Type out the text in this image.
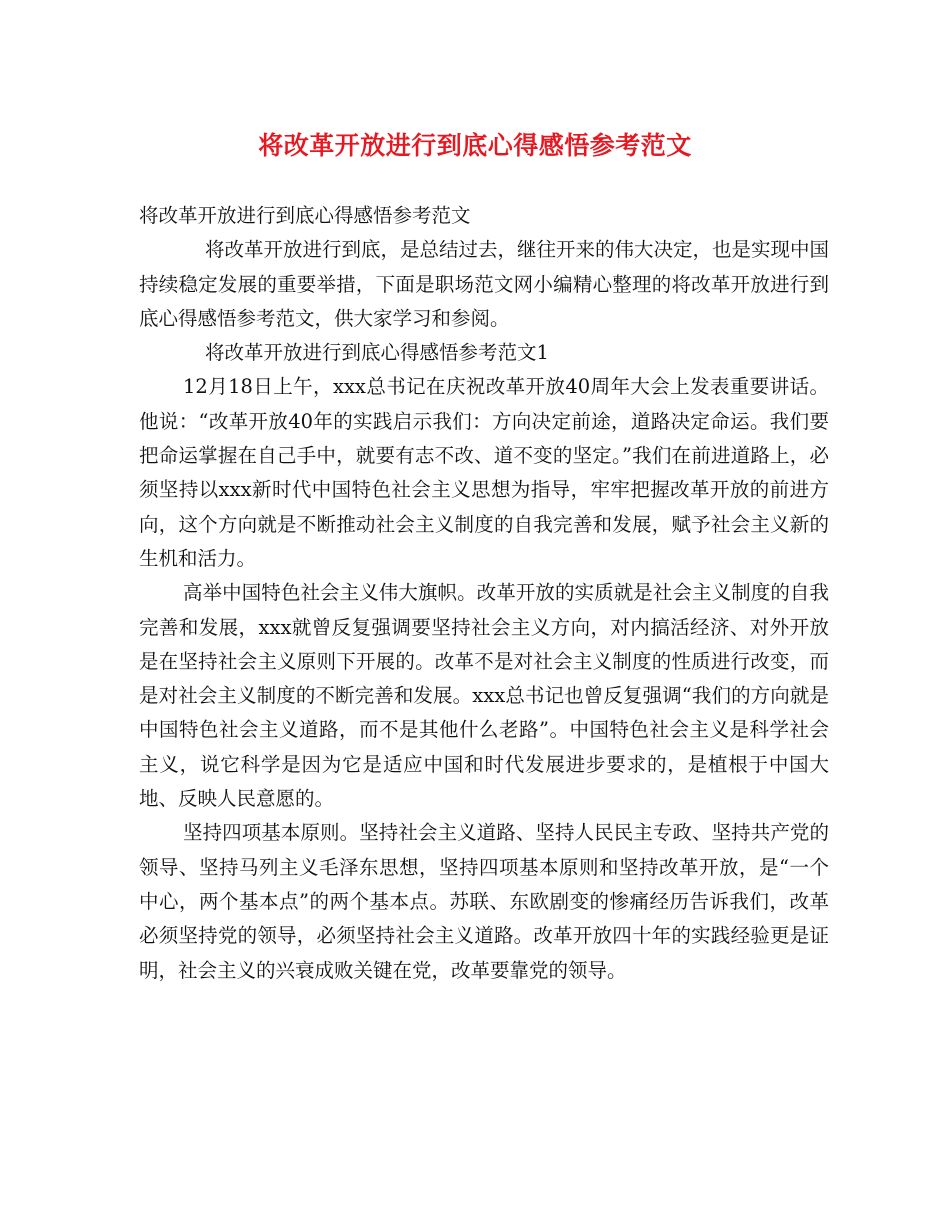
将改革开放进行到底心得感悟参考范文

将改革开放进行到底心得感悟参考范文

将改革开放进行到底，是总结过去，继往开来的伟大决定，也是实现中国持续稳定发展的重要举措，下面是职场范文网小编精心整理的将改革开放进行到底心得感悟参考范文，供大家学习和参阅。

将改革开放进行到底心得感悟参考范文1

12月18日上午，xxx总书记在庆祝改革开放40周年大会上发表重要讲话。他说：“改革开放40年的实践启示我们：方向决定前途，道路决定命运。我们要把命运掌握在自己手中，就要有志不改、道不变的坚定。”我们在前进道路上，必须坚持以xxx新时代中国特色社会主义思想为指导，牢牢把握改革开放的前进方向，这个方向就是不断推动社会主义制度的自我完善和发展，赋予社会主义新的生机和活力。

高举中国特色社会主义伟大旗帜。改革开放的实质就是社会主义制度的自我完善和发展，xxx就曾反复强调要坚持社会主义方向，对内搞活经济、对外开放是在坚持社会主义原则下开展的。改革不是对社会主义制度的性质进行改变，而是对社会主义制度的不断完善和发展。xxx总书记也曾反复强调“我们的方向就是中国特色社会主义道路，而不是其他什么老路”。中国特色社会主义是科学社会主义，说它科学是因为它是适应中国和时代发展进步要求的，是植根于中国大地、反映人民意愿的。

坚持四项基本原则。坚持社会主义道路、坚持人民民主专政、坚持共产党的领导、坚持马列主义毛泽东思想，坚持四项基本原则和坚持改革开放，是“一个中心，两个基本点”的两个基本点。苏联、东欧剧变的惨痛经历告诉我们，改革必须坚持党的领导，必须坚持社会主义道路。改革开放四十年的实践经验更是证明，社会主义的兴衰成败关键在党，改革要靠党的领导。
